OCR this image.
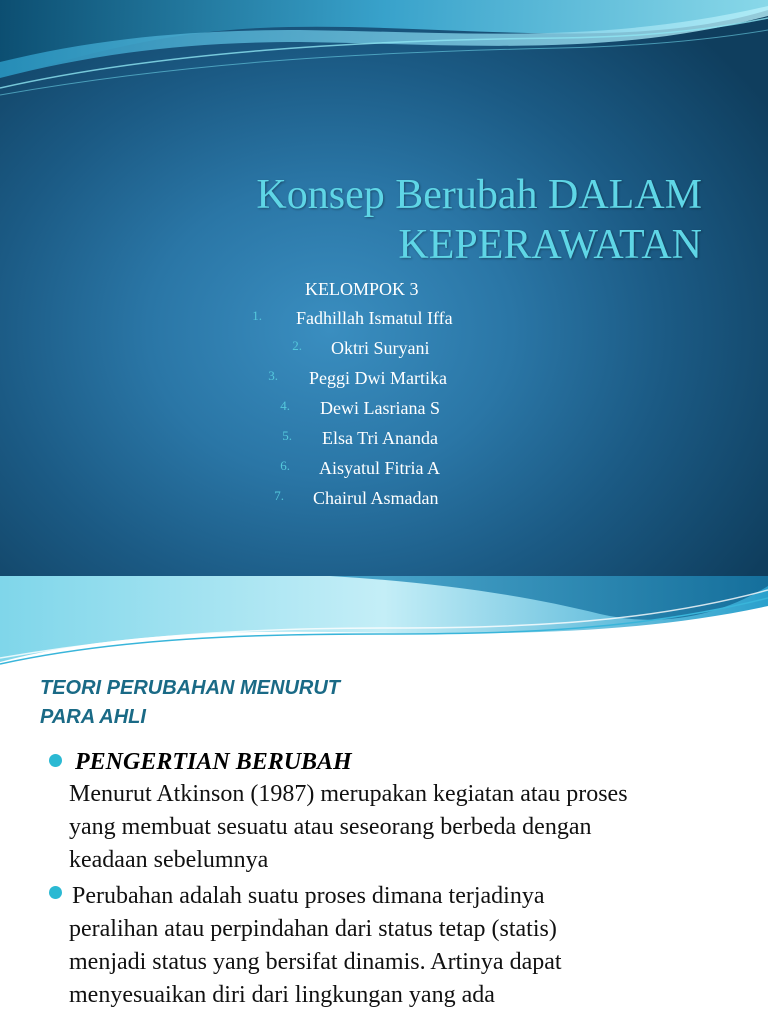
Konsep Berubah DALAM
KEPERAWATAN
KELOMPOK 3
1. Fadhillah Ismatul Iffa
2. Oktri Suryani
3. Peggi Dwi Martika
4. Dewi Lasriana S
5. Elsa Tri Ananda
6. Aisyatul Fitria A
7. Chairul Asmadan
TEORI PERUBAHAN MENURUT
PARA AHLI
PENGERTIAN BERUBAH
Menurut Atkinson (1987) merupakan kegiatan atau proses
yang membuat sesuatu atau seseorang berbeda dengan
keadaan sebelumnya
Perubahan adalah suatu proses dimana terjadinya
peralihan atau perpindahan dari status tetap (statis)
menjadi status yang bersifat dinamis. Artinya dapat
menyesuaikan diri dari lingkungan yang ada
